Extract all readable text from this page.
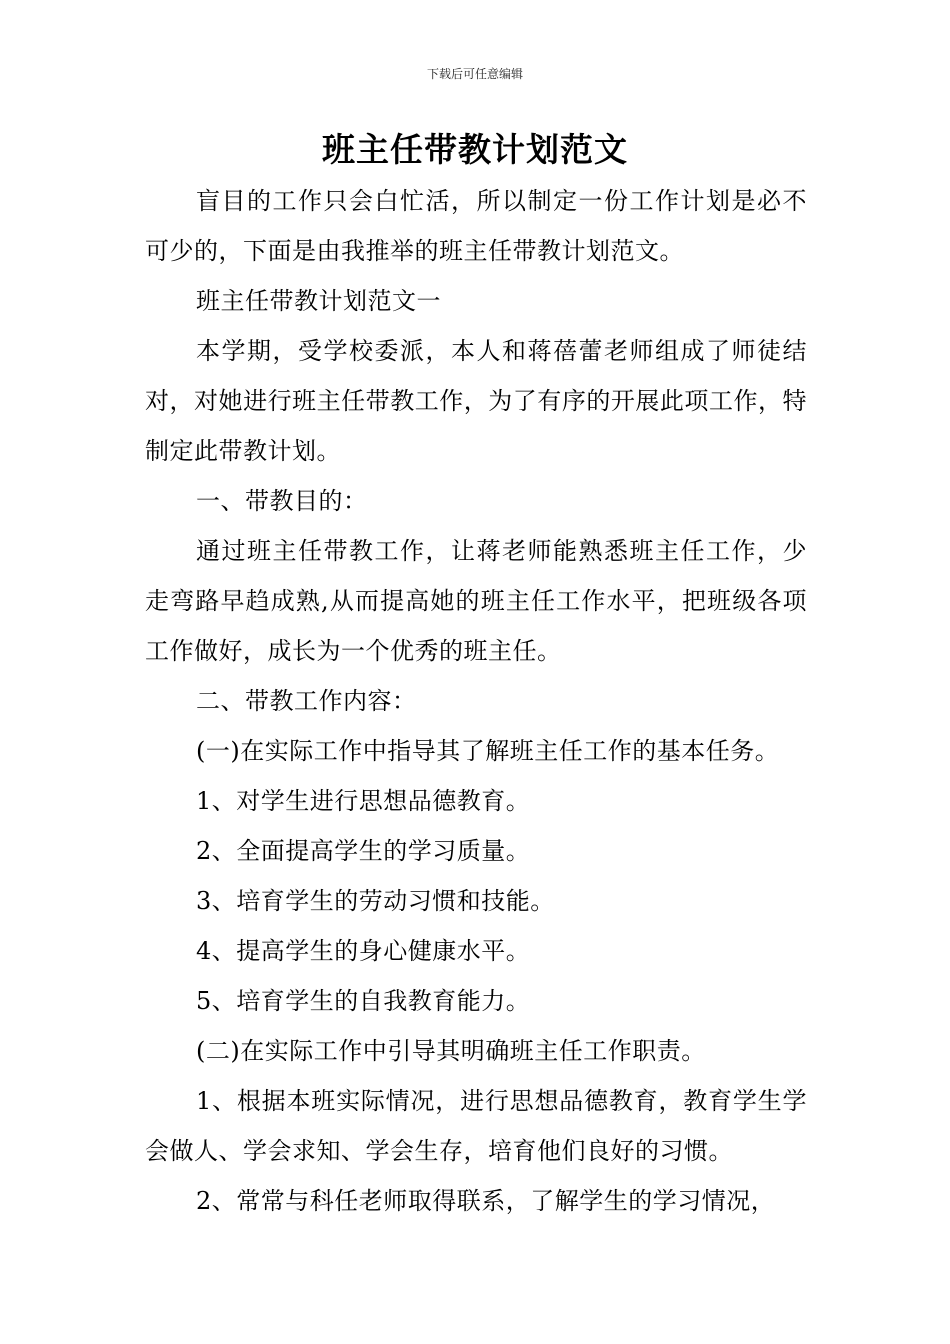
下载后可任意编辑
班主任带教计划范文

盲目的工作只会白忙活，所以制定一份工作计划是必不可少的，下面是由我推举的班主任带教计划范文。

班主任带教计划范文一

本学期，受学校委派，本人和蒋蓓蕾老师组成了师徒结对，对她进行班主任带教工作，为了有序的开展此项工作，特制定此带教计划。

一、带教目的：

通过班主任带教工作，让蒋老师能熟悉班主任工作，少走弯路早趋成熟,从而提高她的班主任工作水平，把班级各项工作做好，成长为一个优秀的班主任。

二、带教工作内容：

(一)在实际工作中指导其了解班主任工作的基本任务。

1、对学生进行思想品德教育。

2、全面提高学生的学习质量。

3、培育学生的劳动习惯和技能。

4、提高学生的身心健康水平。

5、培育学生的自我教育能力。

(二)在实际工作中引导其明确班主任工作职责。

1、根据本班实际情况，进行思想品德教育，教育学生学会做人、学会求知、学会生存，培育他们良好的习惯。

2、常常与科任老师取得联系，了解学生的学习情况，
